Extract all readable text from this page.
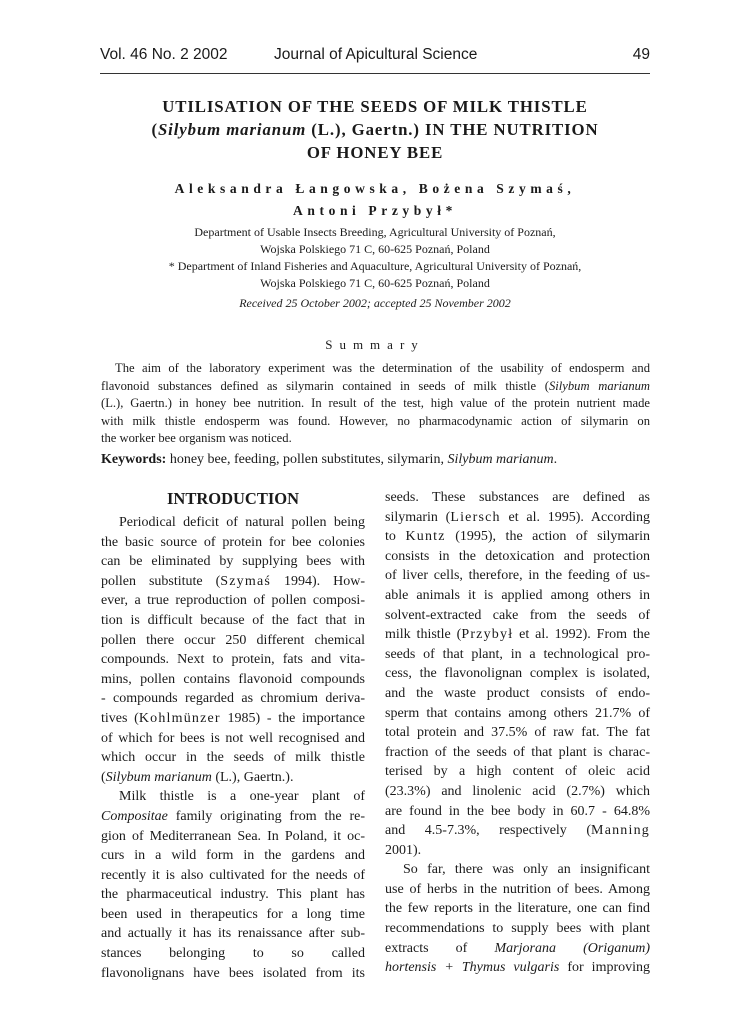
Vol. 46 No. 2 2002	Journal of Apicultural Science	49
UTILISATION OF THE SEEDS OF MILK THISTLE
(Silybum marianum (L.), Gaertn.) IN THE NUTRITION
OF HONEY BEE
Aleksandra Łangowska, Bożena Szymaś,
Antoni Przybył*
Department of Usable Insects Breeding, Agricultural University of Poznań,
Wojska Polskiego 71 C, 60-625 Poznań, Poland
* Department of Inland Fisheries and Aquaculture, Agricultural University of Poznań,
Wojska Polskiego 71 C, 60-625 Poznań, Poland
Received 25 October 2002; accepted 25 November 2002
Summary
The aim of the laboratory experiment was the determination of the usability of endosperm and
flavonoid substances defined as silymarin contained in seeds of milk thistle (Silybum marianum
(L.), Gaertn.) in honey bee nutrition. In result of the test, high value of the protein nutrient made
with milk thistle endosperm was found. However, no pharmacodynamic action of silymarin on
the worker bee organism was noticed.
Keywords: honey bee, feeding, pollen substitutes, silymarin, Silybum marianum.
INTRODUCTION
Periodical deficit of natural pollen being
the basic source of protein for bee colonies
can be eliminated by supplying bees with
pollen substitute (Szymaś 1994). How-
ever, a true reproduction of pollen composi-
tion is difficult because of the fact that in
pollen there occur 250 different chemical
compounds. Next to protein, fats and vita-
mins, pollen contains flavonoid compounds
- compounds regarded as chromium deriva-
tives (Kohlmünzer 1985) - the importance
of which for bees is not well recognised and
which occur in the seeds of milk thistle
(Silybum marianum (L.), Gaertn.).
Milk thistle is a one-year plant of
Compositae family originating from the re-
gion of Mediterranean Sea. In Poland, it oc-
curs in a wild form in the gardens and
recently it is also cultivated for the needs of
the pharmaceutical industry. This plant has
been used in therapeutics for a long time
and actually it has its renaissance after sub-
stances belonging to so called
flavonolignans have bees isolated from its
seeds. These substances are defined as
silymarin (Liersch et al. 1995). According
to Kuntz (1995), the action of silymarin
consists in the detoxication and protection
of liver cells, therefore, in the feeding of us-
able animals it is applied among others in
solvent-extracted cake from the seeds of
milk thistle (Przybył et al. 1992). From the
seeds of that plant, in a technological pro-
cess, the flavonolignan complex is isolated,
and the waste product consists of endo-
sperm that contains among others 21.7% of
total protein and 37.5% of raw fat. The fat
fraction of the seeds of that plant is charac-
terised by a high content of oleic acid
(23.3%) and linolenic acid (2.7%) which
are found in the bee body in 60.7 - 64.8%
and 4.5-7.3%, respectively (Manning
2001).
So far, there was only an insignificant
use of herbs in the nutrition of bees. Among
the few reports in the literature, one can find
recommendations to supply bees with plant
extracts of Marjorana (Origanum)
hortensis + Thymus vulgaris for improving
